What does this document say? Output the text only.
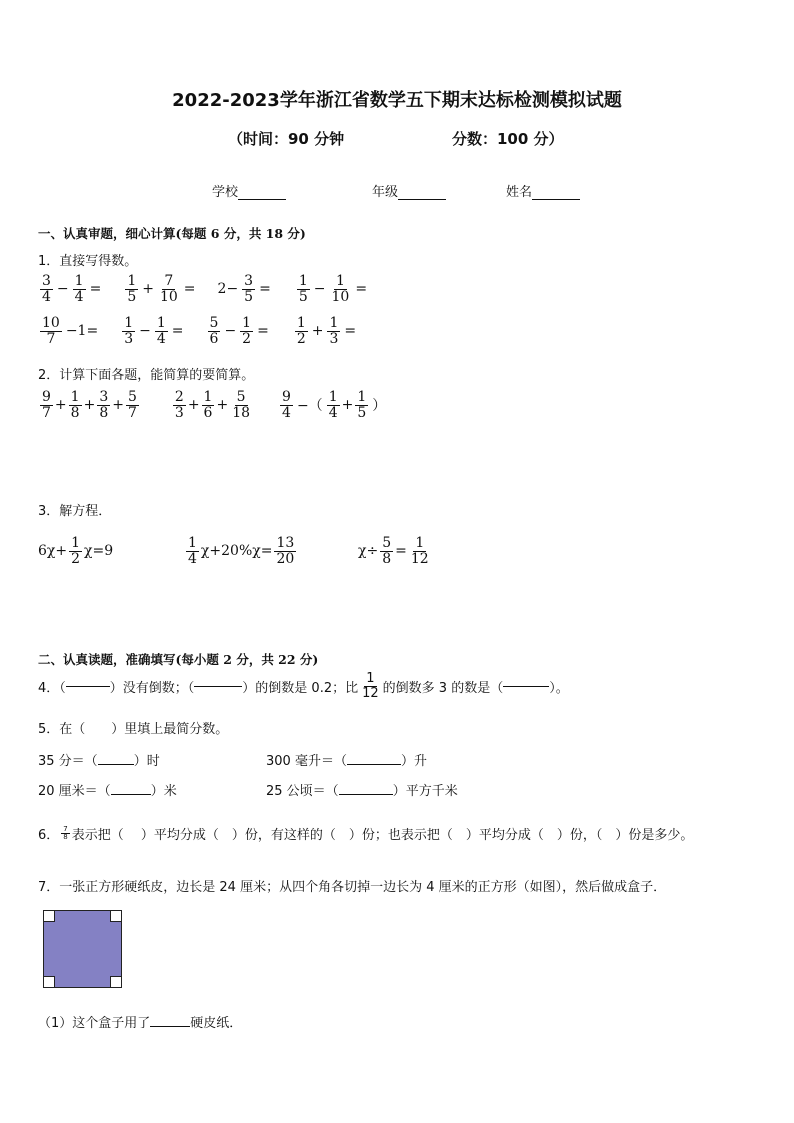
2022-2023学年浙江省数学五下期末达标检测模拟试题
（时间：90 分钟	分数：100 分）
学校	年级	姓名
一、认真审题，细心计算(每题 6 分，共 18 分)
1．直接写得数。
$\frac{3}{4} - \frac{1}{4} = \frac{1}{5} + \frac{7}{10} = 2- \frac{3}{5} = \frac{1}{5} - \frac{1}{10}$ =
$\frac{10}{7} -1= \frac{1}{3} - \frac{1}{4} = \frac{5}{6} - \frac{1}{2} = \frac{1}{2} + \frac{1}{3}$ =
2．计算下面各题，能简算的要简算。
$\frac{9}{7} + \frac{1}{8} + \frac{3}{8} + \frac{5}{7} \frac{2}{3} + \frac{1}{6} + \frac{5}{18} \frac{9}{4}$ −（ $\frac{1}{4} + \frac{1}{5}$ ）
3．解方程．
$6\chi+ \frac{1}{2} \chi=9$	$\frac{1}{4} \chi+20\%\chi= \frac{13}{20}$	$\chi\div \frac{5}{8} = \frac{1}{12}$
二、认真读题，准确填写(每小题 2 分，共 22 分)
4．（	）没有倒数；（	）的倒数是 0.2；比 $\frac{1}{12}$ 的倒数多 3 的数是（	）。
5．在（　　）里填上最简分数。
35 分＝（	）时	300 毫升＝（	）升
20 厘米＝（	）米	25 公顷＝（	）平方千米
6． $\frac{7}{8}$ 表示把（　 ）平均分成（　）份，有这样的（　）份；也表示把（　）平均分成（　）份，（　）份是多少。
7．一张正方形硬纸皮，边长是 24 厘米；从四个角各切掉一边长为 4 厘米的正方形（如图），然后做成盒子．
（1）这个盒子用了	硬皮纸．
